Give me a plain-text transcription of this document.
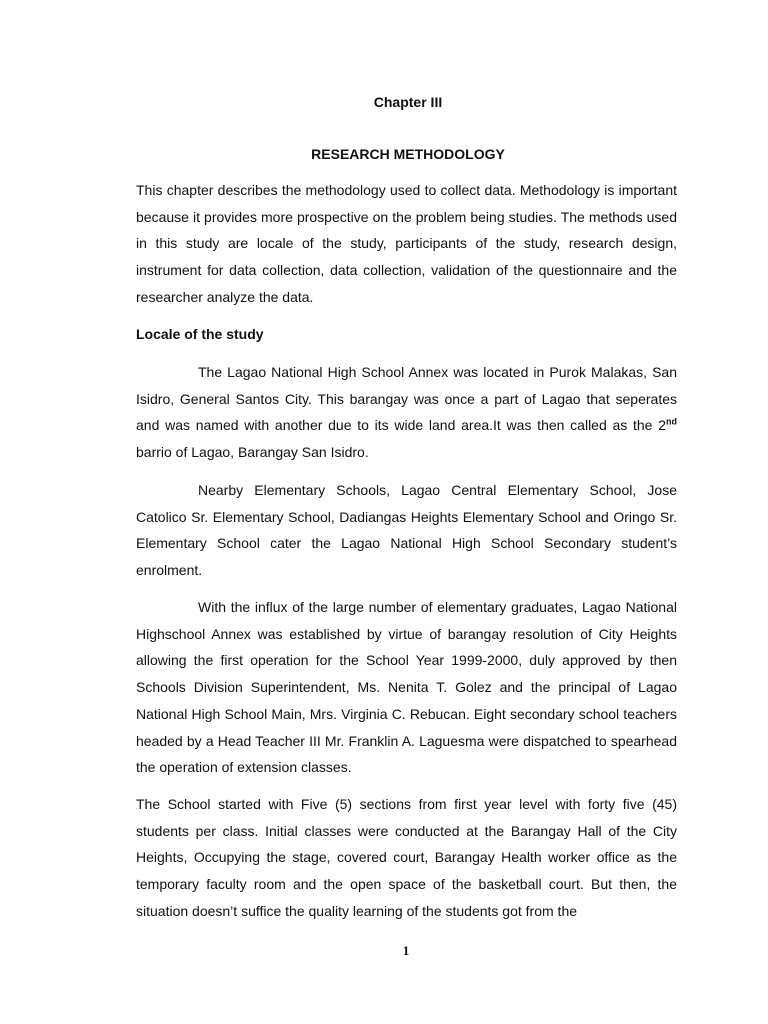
Chapter III
RESEARCH METHODOLOGY

This chapter describes the methodology used to collect data. Methodology is important because it provides more prospective on the problem being studies. The methods used in this study are locale of the study, participants of the study, research design, instrument for data collection, data collection, validation of the questionnaire and the researcher analyze the data.

Locale of the study

The Lagao National High School Annex was located in Purok Malakas, San Isidro, General Santos City. This barangay was once a part of Lagao that seperates and was named with another due to its wide land area.It was then called as the 2nd barrio of Lagao, Barangay San Isidro.

Nearby Elementary Schools, Lagao Central Elementary School, Jose Catolico Sr. Elementary School, Dadiangas Heights Elementary School and Oringo Sr. Elementary School cater the Lagao National High School Secondary student’s enrolment.

With the influx of the large number of elementary graduates, Lagao National Highschool Annex was established by virtue of barangay resolution of City Heights allowing the first operation for the School Year 1999-2000, duly approved by then Schools Division Superintendent, Ms. Nenita T. Golez and the principal of Lagao National High School Main, Mrs. Virginia C. Rebucan. Eight secondary school teachers headed by a Head Teacher III Mr. Franklin A. Laguesma were dispatched to spearhead the operation of extension classes.

The School started with Five (5) sections from first year level with forty five (45) students per class. Initial classes were conducted at the Barangay Hall of the City Heights, Occupying the stage, covered court, Barangay Health worker office as the temporary faculty room and the open space of the basketball court. But then, the situation doesn’t suffice the quality learning of the students got from the

1
